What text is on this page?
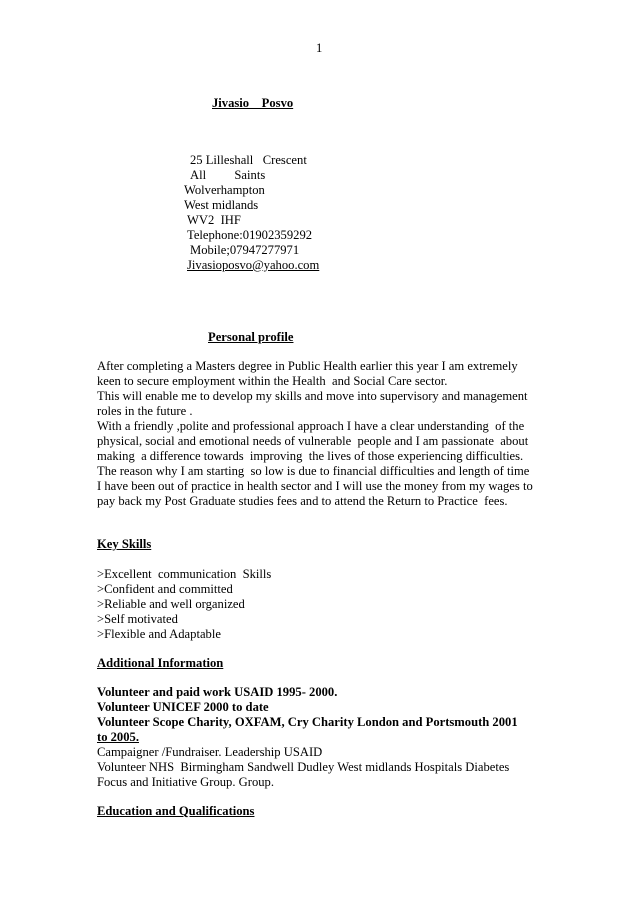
1
Jivasio    Posvo
25 Lilleshall   Crescent
All         Saints
Wolverhampton
West midlands
WV2  IHF
Telephone:01902359292
Mobile;07947277971
Jivasioposvo@yahoo.com
Personal profile
After completing a Masters degree in Public Health earlier this year I am extremely
keen to secure employment within the Health  and Social Care sector.
This will enable me to develop my skills and move into supervisory and management
roles in the future .
With a friendly ,polite and professional approach I have a clear understanding  of the
physical, social and emotional needs of vulnerable  people and I am passionate  about
making  a difference towards  improving  the lives of those experiencing difficulties.
The reason why I am starting  so low is due to financial difficulties and length of time
I have been out of practice in health sector and I will use the money from my wages to
pay back my Post Graduate studies fees and to attend the Return to Practice  fees.
Key Skills
>Excellent  communication  Skills
>Confident and committed
>Reliable and well organized
>Self motivated
>Flexible and Adaptable
Additional Information
Volunteer and paid work USAID 1995- 2000.
Volunteer UNICEF 2000 to date
Volunteer Scope Charity, OXFAM, Cry Charity London and Portsmouth 2001
to 2005.
Campaigner /Fundraiser. Leadership USAID
Volunteer NHS  Birmingham Sandwell Dudley West midlands Hospitals Diabetes
Focus and Initiative Group. Group.
Education and Qualifications
